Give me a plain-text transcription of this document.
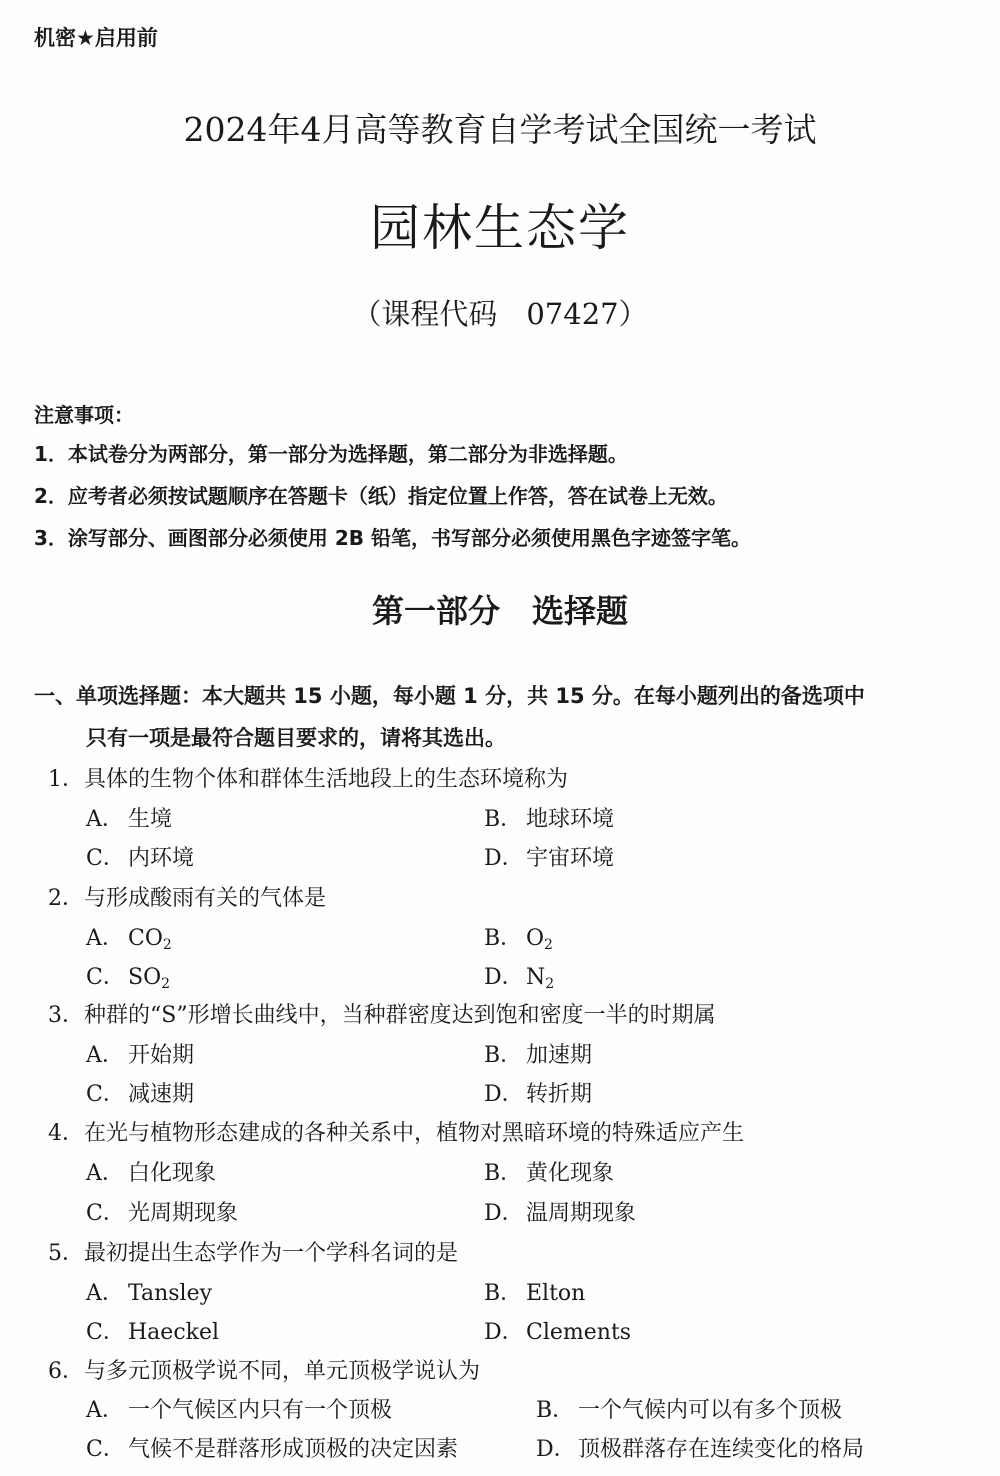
机密★启用前
2024年4月高等教育自学考试全国统一考试
园林生态学
（课程代码　07427）
注意事项：
1．本试卷分为两部分，第一部分为选择题，第二部分为非选择题。
2．应考者必须按试题顺序在答题卡（纸）指定位置上作答，答在试卷上无效。
3．涂写部分、画图部分必须使用 2B 铅笔，书写部分必须使用黑色字迹签字笔。
第一部分　选择题
一、单项选择题：本大题共 15 小题，每小题 1 分，共 15 分。在每小题列出的备选项中
只有一项是最符合题目要求的，请将其选出。
1．具体的生物个体和群体生活地段上的生态环境称为
A． 生境	B． 地球环境
C． 内环境	D． 宇宙环境
2．与形成酸雨有关的气体是
A． $CO_2$	B． $O_2$
C． $SO_2$	D． $N_2$
3．种群的“S”形增长曲线中，当种群密度达到饱和密度一半的时期属
A． 开始期	B． 加速期
C． 减速期	D． 转折期
4．在光与植物形态建成的各种关系中，植物对黑暗环境的特殊适应产生
A． 白化现象	B． 黄化现象
C． 光周期现象	D． 温周期现象
5．最初提出生态学作为一个学科名词的是
A． Tansley	B． Elton
C． Haeckel	D． Clements
6．与多元顶极学说不同，单元顶极学说认为
A． 一个气候区内只有一个顶极	B． 一个气候内可以有多个顶极
C． 气候不是群落形成顶极的决定因素	D． 顶极群落存在连续变化的格局
